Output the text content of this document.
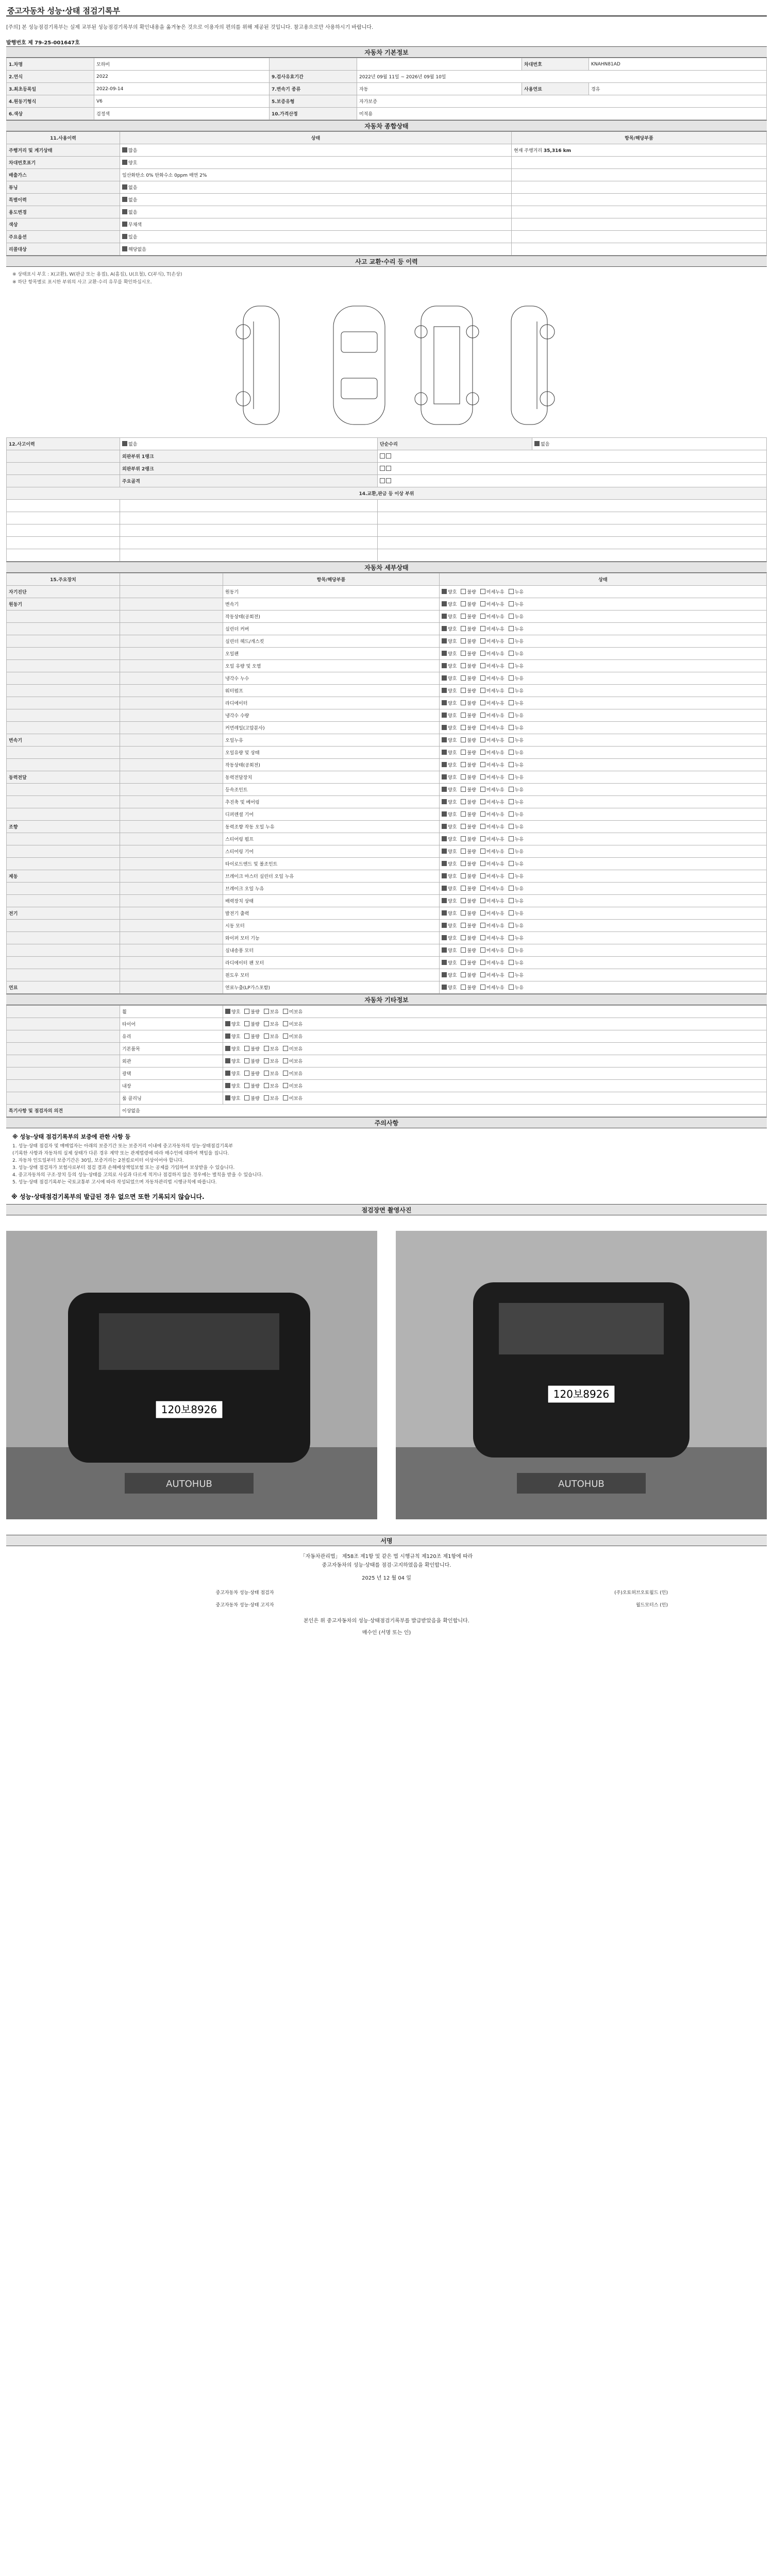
중고자동차 성능·상태 점검기록부
[주의] 본 성능점검기록부는 실제 교부된 성능점검기록부의 확인내용을 옮겨놓은 것으로 이용자의 편의를 위해 제공된 것입니다. 참고용으로만 사용하시기 바랍니다.
발행번호 제 79-25-001647호
자동차 기본정보
1.차명	모하비			차대번호	KNAHN81AD
2.연식	2022	9.검사유효기간	2022년 09월 11일 ~ 2026년 09월 10일		
3.최초등록일	2022-09-14	7.변속기 종류	자동	사용연료	경유
4.원동기형식	V6	5.보증유형	자가보증		
6.색상	검정색	10.가격산정	미적용		
자동차 종합상태
11.사용이력	상태	항목/해당부품
주행거리 및 계기상태	많음	현재 주행거리 35,316 km
차대번호표기	양호	
배출가스	일산화탄소 0% 탄화수소 0ppm 매연 2%	
튜닝	없음	
특별이력	없음	
용도변경	없음	
색상	무채색	
주요옵션	있음	
리콜대상	해당없음	
사고 교환·수리 등 이력

※ 상태표시 부호 : X(교환), W(판금 또는 용접), A(흠집), U(요철), C(부식), T(손상)

※ 하단 항목별로 표시한 부위의 사고 교환·수리 유무를 확인하십시오.

12.사고이력	없음	단순수리	없음
	외판부위 1랭크		
	외판부위 2랭크		
	주요골격		
14.교환,판금 등 이상 부위			

자동차 세부상태
15.주요장치		항목/해당부품	상태
자기진단		원동기	양호 불량 미세누유 누유
원동기		변속기	양호 불량 미세누유 누유
		작동상태(공회전)	양호 불량 미세누유 누유
		실린더 커버	양호 불량 미세누유 누유
		실린더 헤드/개스킷	양호 불량 미세누유 누유
		오일팬	양호 불량 미세누유 누유
		오일 유량 및 오염	양호 불량 미세누유 누유
		냉각수 누수	양호 불량 미세누유 누유
		워터펌프	양호 불량 미세누유 누유
		라디에이터	양호 불량 미세누유 누유
		냉각수 수량	양호 불량 미세누유 누유
		커먼레일(고압분사)	양호 불량 미세누유 누유
변속기		오일누유	양호 불량 미세누유 누유
		오일유량 및 상태	양호 불량 미세누유 누유
		작동상태(공회전)	양호 불량 미세누유 누유
동력전달		동력전달장치	양호 불량 미세누유 누유
		등속조인트	양호 불량 미세누유 누유
		추진축 및 베어링	양호 불량 미세누유 누유
		디퍼렌셜 기어	양호 불량 미세누유 누유
조향		동력조향 작동 오일 누유	양호 불량 미세누유 누유
		스티어링 펌프	양호 불량 미세누유 누유
		스티어링 기어	양호 불량 미세누유 누유
		타이로드엔드 및 볼조인트	양호 불량 미세누유 누유
제동		브레이크 마스터 실린더 오일 누유	양호 불량 미세누유 누유
		브레이크 오일 누유	양호 불량 미세누유 누유
		배력장치 상태	양호 불량 미세누유 누유
전기		발전기 출력	양호 불량 미세누유 누유
		시동 모터	양호 불량 미세누유 누유
		와이퍼 모터 기능	양호 불량 미세누유 누유
		실내송풍 모터	양호 불량 미세누유 누유
		라디에이터 팬 모터	양호 불량 미세누유 누유
		윈도우 모터	양호 불량 미세누유 누유
연료		연료누출(LP가스포함)	양호 불량 미세누유 누유
자동차 기타정보
	휠	양호 불량 보유 미보유
	타이어	양호 불량 보유 미보유
	유리	양호 불량 보유 미보유
	기본품목	양호 불량 보유 미보유
	외관	양호 불량 보유 미보유
	광택	양호 불량 보유 미보유
	내장	양호 불량 보유 미보유
	룸 클리닝	양호 불량 보유 미보유
특기사항 및 점검자의 의견	이상없음	
주의사항
※ 성능·상태 점검기록부의 보증에 관한 사항 등

1. 성능·상태 점검자 및 매매업자는 아래의 보증기간 또는 보증거리 이내에 중고자동차의 성능·상태점검기록부

(기록한 사항과 자동차의 실제 상태가 다른 경우 계약 또는 관계법령에 따라 매수인에 대하여 책임을 집니다.

2. 자동차 인도일부터 보증기간은 30일, 보증거리는 2천킬로미터 이상이어야 합니다.

3. 성능·상태 점검자가 보험사로부터 점검 결과 손해배상책임보험 또는 공제를 가입하여 보상받을 수 있습니다.

4. 중고자동차의 구조·장치 등의 성능·상태를 고의로 사실과 다르게 적거나 점검하지 않은 경우에는 벌칙을 받을 수 있습니다.

5. 성능·상태 점검기록부는 국토교통부 고시에 따라 작성되었으며 자동차관리법 시행규칙에 따릅니다.

※ 성능·상태점검기록부의 발급된 경우 없으면 또한 기록되지 않습니다.
점검장면 촬영사진
120보8926
AUTOHUB
120보8926
AUTOHUB
서명

「자동차관리법」 제58조 제1항 및 같은 법 시행규칙 제120조 제1항에 따라

중고자동차의 성능·상태를 점검·고지하였음을 확인합니다.

2025 년 12 월 04 일

중고자동차 성능·상태 점검자	(주)오토허브오토월드 (인)
중고자동차 성능·상태 고지자	월드모터스 (인)

본인은 위 중고자동차의 성능·상태점검기록부를 발급받았음을 확인합니다.

매수인 (서명 또는 인)
